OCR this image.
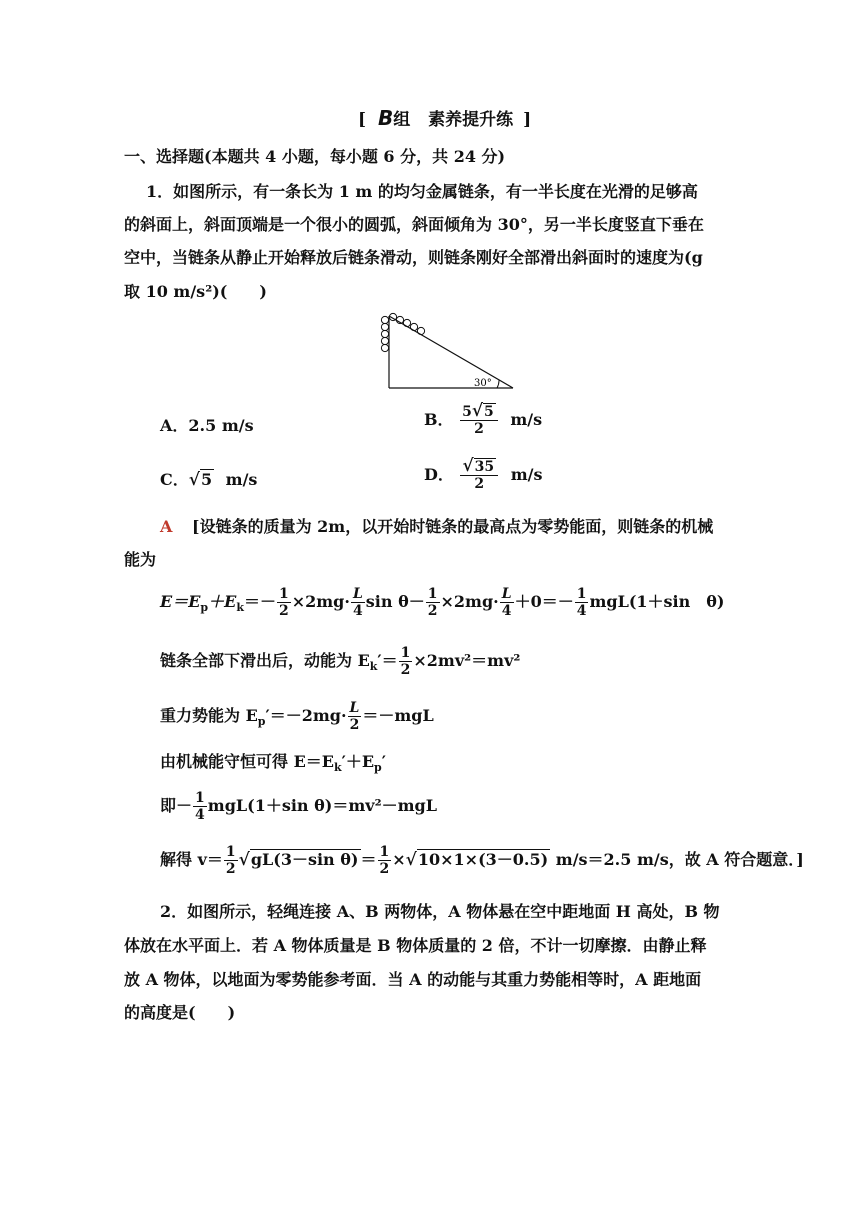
[ B组 素养提升练 ]
一、选择题(本题共 4 小题，每小题 6 分，共 24 分)
1．如图所示，有一条长为 1 m 的均匀金属链条，有一半长度在光滑的足够高
的斜面上，斜面顶端是一个很小的圆弧，斜面倾角为 30°，另一半长度竖直下垂在
空中，当链条从静止开始释放后链条滑动，则链条刚好全部滑出斜面时的速度为(g
取 10 m/s²)(　　)
30°
A．2.5 m/s	B． $\frac{5√5}{2} m/s$
C．√5 m/s	D． $\frac{√35}{2} m/s$
A [设链条的质量为 2m，以开始时链条的最高点为零势能面，则链条的机械
能为
$E=E_p+E_k=- \frac{1}{2} \times 2mg\cdot \frac{L}{4}$ $\sin \theta- \frac{1}{2} \times 2mg\cdot \frac{L}{4} +0=- \frac{1}{4} mgL(1+\sin$　θ)
链条全部下滑出后，动能为 $E_k'= \frac{1}{2} \times 2mv^2=mv^2$
重力势能为 $E_p'=-2mg\cdot \frac{L}{2} =-mgL$
由机械能守恒可得 $E=E_k'+E_p'$
即－ $\frac{1}{4} mgL(1+\sin$ θ)＝mv²－mgL
解得 $v= \frac{1}{2} √gL(3-\sin$ $\theta) = \frac{1}{2} \times√10\times 1\times(3-0.5)$ m/s＝2.5 m/s，故 A 符合题意．]
2．如图所示，轻绳连接 A、B 两物体，A 物体悬在空中距地面 H 高处，B 物
体放在水平面上．若 A 物体质量是 B 物体质量的 2 倍，不计一切摩擦．由静止释
放 A 物体，以地面为零势能参考面．当 A 的动能与其重力势能相等时，A 距地面
的高度是(　　)
